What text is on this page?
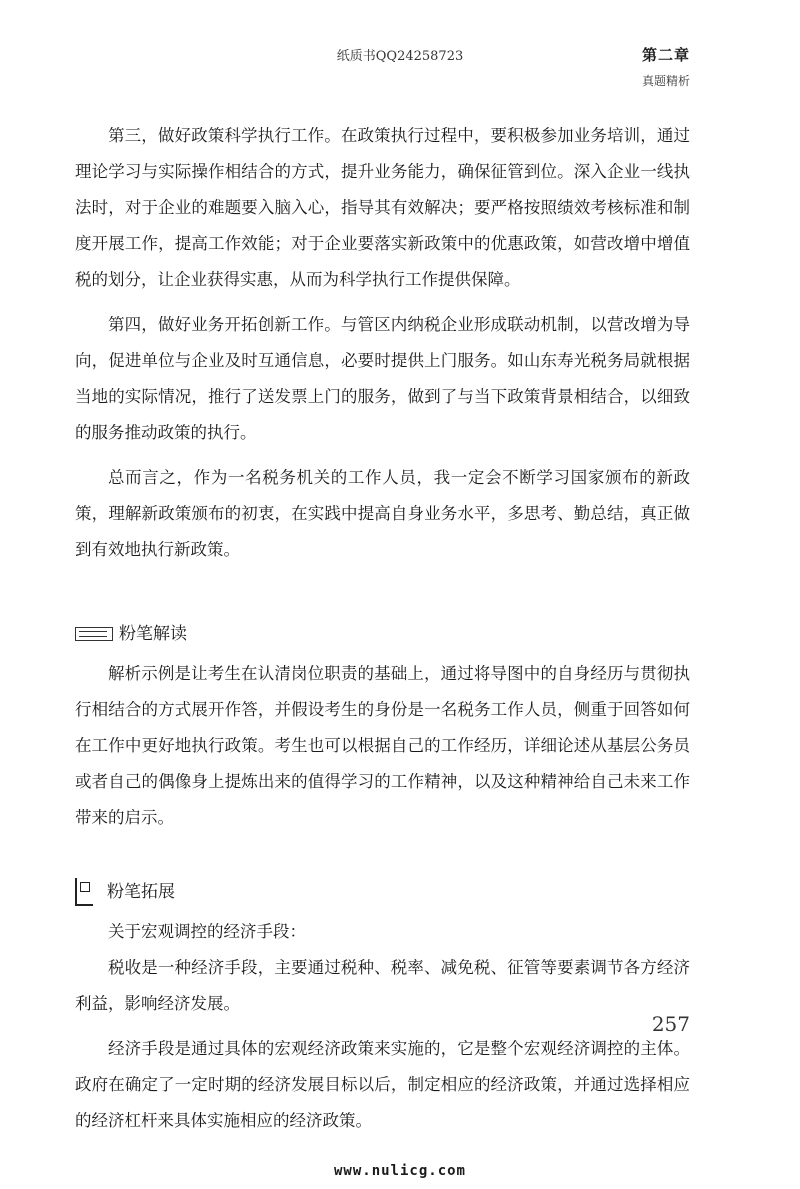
纸质书QQ24258723	第二章
真题精析

第三，做好政策科学执行工作。在政策执行过程中，要积极参加业务培训，通过理论学习与实际操作相结合的方式，提升业务能力，确保征管到位。深入企业一线执法时，对于企业的难题要入脑入心，指导其有效解决；要严格按照绩效考核标准和制度开展工作，提高工作效能；对于企业要落实新政策中的优惠政策，如营改增中增值税的划分，让企业获得实惠，从而为科学执行工作提供保障。

第四，做好业务开拓创新工作。与管区内纳税企业形成联动机制，以营改增为导向，促进单位与企业及时互通信息，必要时提供上门服务。如山东寿光税务局就根据当地的实际情况，推行了送发票上门的服务，做到了与当下政策背景相结合，以细致的服务推动政策的执行。

总而言之，作为一名税务机关的工作人员，我一定会不断学习国家颁布的新政策，理解新政策颁布的初衷，在实践中提高自身业务水平，多思考、勤总结，真正做到有效地执行新政策。

粉笔解读

解析示例是让考生在认清岗位职责的基础上，通过将导图中的自身经历与贯彻执行相结合的方式展开作答，并假设考生的身份是一名税务工作人员，侧重于回答如何在工作中更好地执行政策。考生也可以根据自己的工作经历，详细论述从基层公务员或者自己的偶像身上提炼出来的值得学习的工作精神，以及这种精神给自己未来工作带来的启示。

粉笔拓展

关于宏观调控的经济手段：

税收是一种经济手段，主要通过税种、税率、减免税、征管等要素调节各方经济利益，影响经济发展。

经济手段是通过具体的宏观经济政策来实施的，它是整个宏观经济调控的主体。政府在确定了一定时期的经济发展目标以后，制定相应的经济政策，并通过选择相应的经济杠杆来具体实施相应的经济政策。

257
www.nulicg.com
